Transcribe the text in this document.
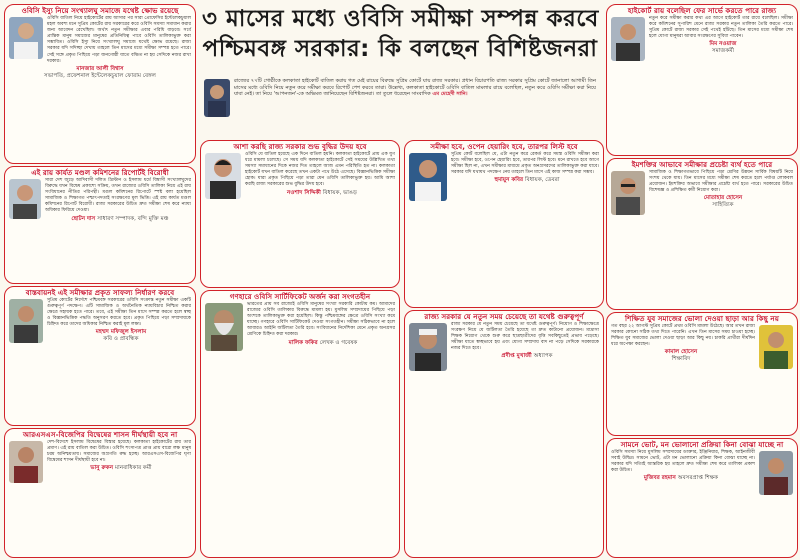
৩ মাসের মধ্যে ওবিসি সমীক্ষা সম্পন্ন করবে
পশ্চিমবঙ্গ সরকার: কি বলছেন বিশিষ্টজনরা
রাজ্যের ৭৭টি গোষ্ঠীকে কলকাতা হাইকোর্ট বাতিল করায় গত মেই রায়ের বিরুদ্ধে সুপ্রিম কোর্টে যায় রাজ্য সরকার। প্রধান বিচারপতি রাজ্য সরকার সুপ্রিম কোর্টে জানালো আগামী তিন মাসের মধ্যে ওবিসি নিয়ে নতুন করে সমীক্ষা করবে রিপোর্ট পেশ করবে তারা। উল্লেখ্য, কলকাতা হাইকোর্টে ওবিসি বাতিল মামলার রায়ে বলেছিল, নতুন করে ওবিসি সমীক্ষা করা নিয়ে যাবা নেই। তা নিয়ে 'আপনজন'-কে অভিমত জানিয়েছেন বিশিষ্টজনরা। তা তুলে ধরেছেন সাংবাদিক এম মেহেদী সানি।
ওবিসি ইস্যু নিয়ে সংখ্যালঘু সমাজে যথেষ্ট ক্ষোভ রয়েছে
ওবিসি বাতিল নিয়ে হাইকোর্টের রায় আসার পর সারা প্রোফেসির ইন্টেলেকচুয়াল মহল অবশ্য মনে সুপ্রিম কোর্টের রায় সরকারের করে ওবিসি সমস্যা সমাধান করার জন্য আবেদন রেখেছিল। অর্থাৎ নতুন সমীক্ষার এবার পরিধি বাড়বে। সর্বে প্রান্তিক মানুষ সমাজের মানুষের প্রতিনিধিত্ব পাবে ওবিসি তালিকাভুক্ত করা সম্ভাবিত। ওবিসি ইস্যু নিয়ে সংখ্যালঘু সমাজে যথেষ্ট ক্ষোভ রয়েছে। রাজ্য সরকার যদি সদিচ্ছা দেখায় তাহলে তিন মাসের মধ্যে সমীক্ষা সম্পন্ন হতে পারে। সেই সঙ্গে প্রকৃত পিছিয়ে পড়া জনগোষ্ঠী যাতে বঞ্চিত না হয় সেদিকে নজর রাখা দরকার।
মানজার আলী বিশ্বাস
সভাপতি, প্রফেশনাল ইন্টেলেকচুয়াল ফোরাম বেঙ্গল
এই রায় কার্যত মণ্ডল কমিশনের রিপোর্টই বিরোধী
সারা দেশ জুড়ে আদিবাসী দলিত খ্রিস্টান ও ইসলাম ধর্মে বিশ্বাসী সংখ্যালঘুদের বিরুদ্ধে যখন বিদ্বেষ প্রকাশ্যে সক্রিয়, তখন রাজ্যের ওবিসি তালিকা নিয়ে এই রায় সংবিধানের নীতির পরিপন্থী। মণ্ডল কমিশনের রিপোর্টে স্পষ্ট বলা হয়েছিল সামাজিক ও শিক্ষাগত পশ্চাৎপদতাই সংরক্ষণের মূল ভিত্তি। এই রায় কার্যত মণ্ডল কমিশনের রিপোর্ট বিরোধী। রাজ্য সরকারের উচিত দ্রুত সমীক্ষা শেষ করে ন্যায্য অধিকার ফিরিয়ে দেওয়া।
ছোটন দাস সাধারণ সম্পাদক, বন্দি মুক্তি মঞ্চ
বাস্তবায়নই এই সমীক্ষার প্রকৃত সাফল্য নির্ধারণ করবে
সুপ্রিম কোর্টের নির্দেশে পশ্চিমবঙ্গ সরকারের ওবিসি সংক্রান্ত নতুন সমীক্ষা একটি গুরুত্বপূর্ণ পদক্ষেপ। এটি সামাজিক ও অর্থনৈতিক ন্যায়বিচার নিশ্চিত করার ক্ষেত্রে সহায়ক হতে পারে। তবে, এই সমীক্ষা তিন মাসে সম্পন্ন করতে হলে স্বচ্ছ ও বিজ্ঞানভিত্তিক পদ্ধতি অনুসরণ করতে হবে। প্রকৃত পিছিয়ে পড়া সম্প্রদায়কে চিহ্নিত করে তাদের অধিকার নিশ্চিত করাই মূল লক্ষ্য।
মহম্মদ মফিজুল ইসলাম
কবি ও প্রাবন্ধিক
আরএসএস-বিজেপির বিদ্বেষের শাসন দীর্ঘস্থায়ী হবে না
দেশ-বিদেশে ইসলাম বিদ্বেষের বিস্তার হয়েছে। কলকাতা হাইকোর্টের রায় তার প্রমাণ। এই রায় বাতিল করা উচিত। ওবিসি শংসাপত্র প্রাপ্ত প্রায় বারো লক্ষ মানুষ চরম অনিশ্চয়তায়। সমাজের অগ্রগতি রুদ্ধ হচ্ছে। আরএসএস-বিজেপির ঘৃণা বিদ্বেষের শাসন দীর্ঘস্থায়ী হবে না।
ভানু রুকন মানবাধিকার কর্মী
আশা করছি রাজ্য সরকার শুভ বুদ্ধির উদয় হবে
ওবিসি যে বাতিল হয়েছে এক দিনে বাতিল হয়নি। কলকাতা হাইকোর্টে প্রায় এক যুগ ধরে মামলা চলেছে। সে সময় যদি কলকাতা হাইকোর্টে সেই সময়ের উল্লিখিত তথ্য সমস্যা সমাধানের দিকে নজর দিত তাহলে আজ এমন পরিস্থিতি হত না। কলকাতা হাইকোর্ট যখন বাতিল করেছে তখন একটা পথে উঠে এসেছে। বিজ্ঞানভিত্তিক সমীক্ষা হোক। যারা প্রকৃত পিছিয়ে পড়া তারা যেন ওবিসি তালিকাভুক্ত হয়। আমি আশা করছি রাজ্য সরকারের শুভ বুদ্ধির উদয় হবে।
নওশাদ সিদ্দিকী বিধায়ক, ভাঙড়
গণহারে ওবিসি সার্টিফিকেট অর্জন করা সংগতহীন
ভারতের প্রায় সব রাজ্যেই ওবিসি মানুষের সংখ্যা সরকারি কোটায় কম। আমাদের রাজ্যের ওবিসি তালিকার বিরুদ্ধে মামলা হয়। মুসলিম সম্প্রদায়ের পিছিয়ে পড়া অংশকে তালিকাভুক্ত করা হয়েছিল। কিন্তু পশ্চিমবঙ্গের ক্ষেত্রে ওবিসি সংখ্যা কমে যাচ্ছে। গণহারে ওবিসি সার্টিফিকেট দেওয়া সংগতহীন। সমীক্ষা সঠিকভাবে না হলে আবারও আইনি জটিলতা তৈরি হবে। সংবিধানের নির্দেশিকা মেনে প্রকৃত অনগ্রসর শ্রেণিকে চিহ্নিত করা দরকার।
মালিক ফকির লেখক ও গবেষক
সমীক্ষা হবে, ওপেন হেয়ারিং হবে, তারপর লিস্ট হবে
সুপ্রিম কোর্ট বলেছিল যে, এটা নতুন করে রেকর্ড করে সমস্ত ওবিসি সমীক্ষা করা হবে। সমীক্ষা হবে, ওপেন হেয়ারিং হবে, তারপর লিস্ট হবে। মনে রাখতে হবে আগে সমীক্ষা ছিল না, এখন সমীক্ষার মাধ্যমে প্রকৃত অনগ্রসরদের তালিকাভুক্ত করা যাবে। সরকার যদি যথাযথ পদক্ষেপ নেয় তাহলে তিন মাসে এই কাজ সম্পন্ন করা সম্ভব।
হুমায়ুন কবির বিধায়ক, ডেবরা
রাজ্য সরকার যে নতুন সময় চেয়েছে তা যথেষ্ট গুরুত্বপূর্ণ
রাজ্য সরকার যে নতুন সময় চেয়েছে তা যথেষ্ট গুরুত্বপূর্ণ। নিয়োগ ও শিক্ষাক্ষেত্রে সংরক্ষণ নিয়ে যে জটিলতা তৈরি হয়েছে তা দ্রুত কাটানো প্রয়োজন। মাদ্রাসা শিক্ষক নিয়োগ থেকে শুরু করে ছাত্রছাত্রীদের বৃত্তি সবকিছুতেই প্রভাব পড়েছে। সমীক্ষা যাতে স্বচ্ছভাবে হয় এবং যোগ্য সম্প্রদায় বাদ না পড়ে সেদিকে সরকারকে নজর দিতে হবে।
প্রদীপ্ত মুখার্জী অধ্যাপক
হাইকোর্ট রায় বলেছিল ফের সার্ভে করতে পারে রাজ্য
নতুন করে সমীক্ষা করার কথা এর আগে হাইকোর্ট তার রায়ে বলেছিল। সমীক্ষা করে কমিশনের সুপারিশ মেনে রাজ্য সরকার নতুন তালিকা তৈরি করতে পারে। সুপ্রিম কোর্টে রাজ্য সরকার সেই পথেই হাঁটছে। তিন মাসের মধ্যে সমীক্ষা শেষ হলে যোগ্য মানুষরা আবার সংরক্ষণের সুবিধা পাবেন।
মিম নওয়াজ
সমাজকর্মী
ইমশক্তির আভাবে সমীক্ষার প্রচেষ্টা ব্যর্থ হতে পারে
সামাজিক ও শিক্ষাগতভাবে পিছিয়ে পড়া শ্রেণির উন্নয়ন সার্বিক বিষয়টি নিয়ে সংশয় থেকে যায়। তিন মাসের মধ্যে সমীক্ষা শেষ করতে হলে পর্যাপ্ত লোকবল প্রয়োজন। ইমশক্তির অভাবে সমীক্ষার প্রচেষ্টা ব্যর্থ হতে পারে। সরকারের উচিত বিশেষজ্ঞ ও প্রশিক্ষিত কর্মী নিয়োগ করা।
মোতাহার হোসেন
সাহিত্যিক
শিক্ষিত যুব সমাজের ভোলা দেওয়া ছাড়া আর কিছু নয়
গত বছর ২২ আগস্ট সুপ্রিম কোর্টে প্রথম ওবিসি মামলা উঠেছে। আর তখন রাজ্য সরকার কোনো সঠিক তথ্য দিতে পারেনি। এখন তিন মাসের সময় চাওয়া হচ্ছে। শিক্ষিত যুব সমাজের ভোলা দেওয়া ছাড়া আর কিছু নয়। চাকরি প্রার্থীরা দীর্ঘদিন ধরে অপেক্ষা করছেন।
কামাল হোসেন
শিক্ষাবিদ
সামনে ভোট, মন ভোলানো প্রক্রিয়া কিনা বোঝা যাচ্ছে না
ওবিসি সমস্যা নিয়ে মুসলিম সম্প্রদায়ের ডাক্তার, ইঞ্জিনিয়ার, শিক্ষক, আইনজীবী সবাই উদ্বিগ্ন। সামনে ভোট, এটা মন ভোলানো প্রক্রিয়া কিনা বোঝা যাচ্ছে না। সরকার যদি সত্যিই আন্তরিক হয় তাহলে দ্রুত সমীক্ষা শেষ করে তালিকা প্রকাশ করা উচিত।
মুজিবর রহমান অবসরপ্রাপ্ত শিক্ষক
